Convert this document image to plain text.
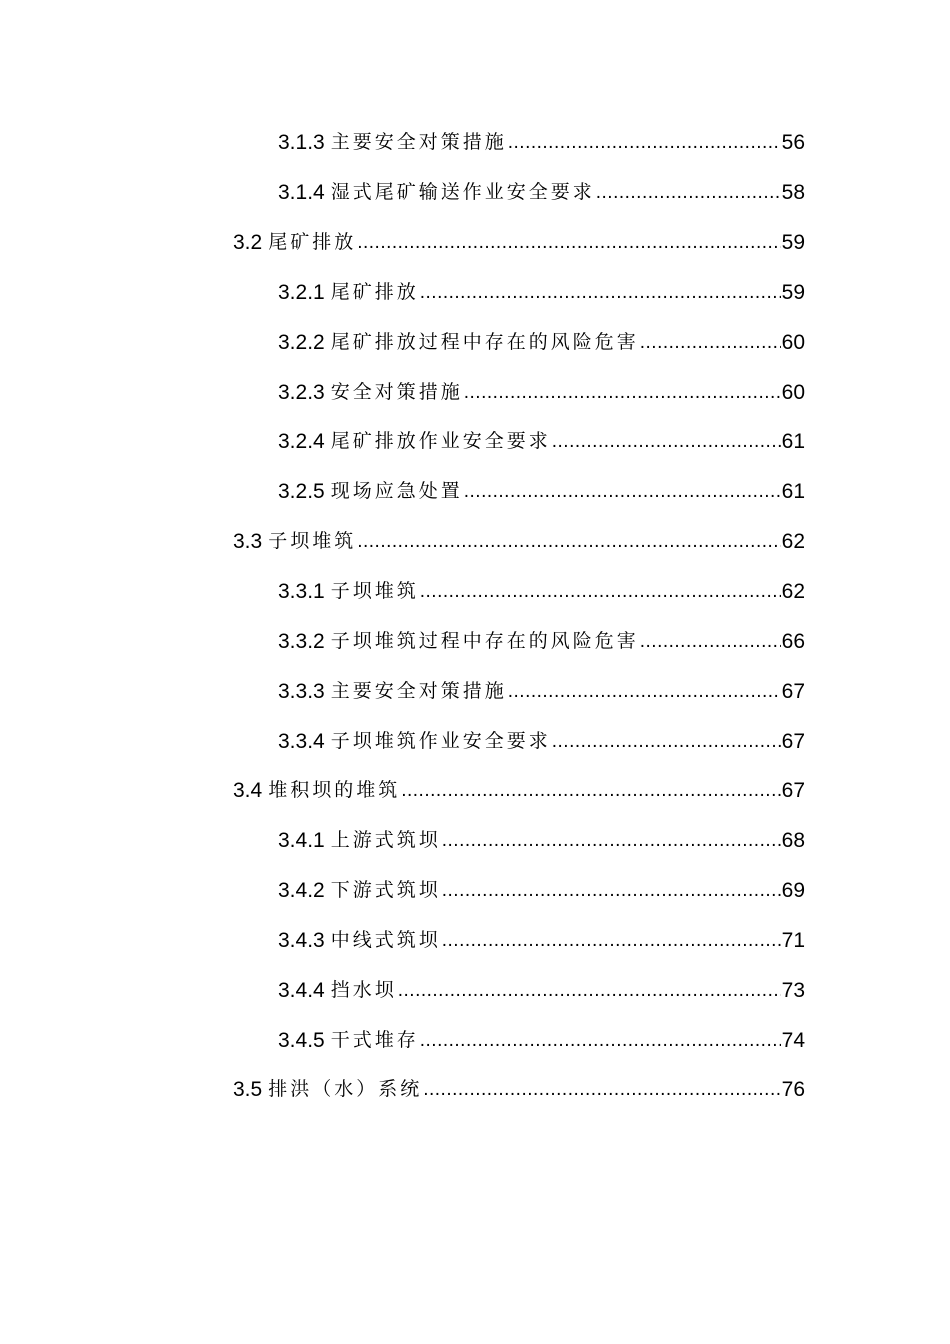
3.1.3 主要安全对策措施 .....	56
3.1.4 湿式尾矿输送作业安全要求 .....	58
3.2 尾矿排放 .....	59
3.2.1 尾矿排放 .....	59
3.2.2 尾矿排放过程中存在的风险危害 .....	60
3.2.3 安全对策措施 .....	60
3.2.4 尾矿排放作业安全要求 .....	61
3.2.5 现场应急处置 .....	61
3.3 子坝堆筑 .....	62
3.3.1 子坝堆筑 .....	62
3.3.2 子坝堆筑过程中存在的风险危害 .....	66
3.3.3 主要安全对策措施 .....	67
3.3.4 子坝堆筑作业安全要求 .....	67
3.4 堆积坝的堆筑 .....	67
3.4.1 上游式筑坝 .....	68
3.4.2 下游式筑坝 .....	69
3.4.3 中线式筑坝 .....	71
3.4.4 挡水坝 .....	73
3.4.5 干式堆存 .....	74
3.5 排洪（水）系统 .....	76
